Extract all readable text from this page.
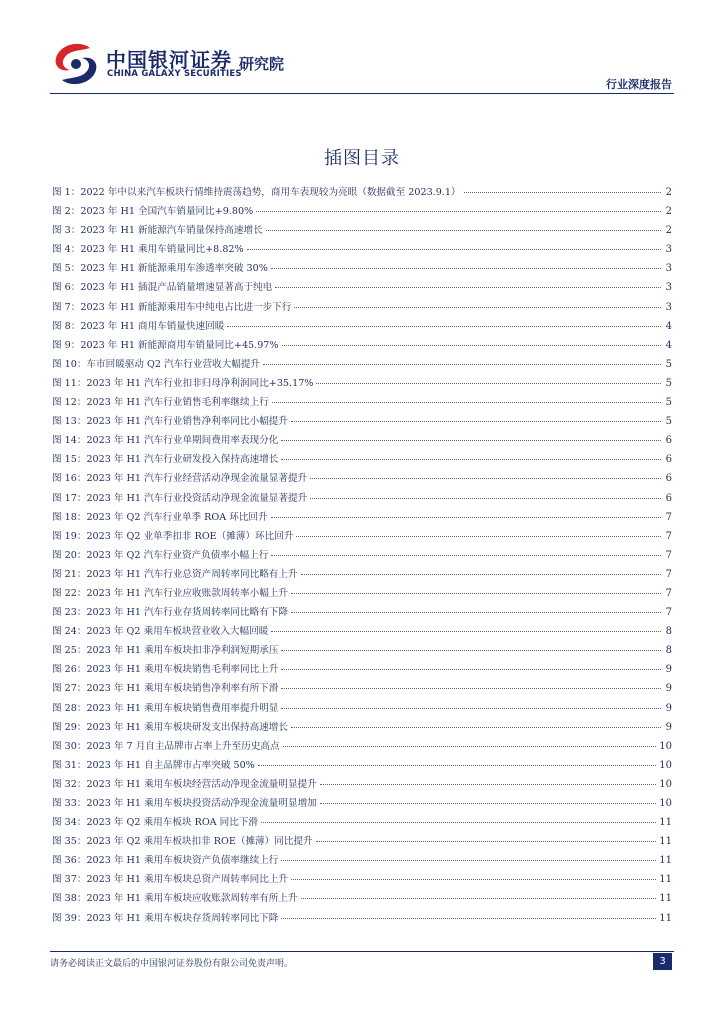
中国银河证券
CHINA GALAXY SECURITIES
研究院
行业深度报告
插图目录
图 1：2022 年中以来汽车板块行情维持震荡趋势，商用车表现较为亮眼（数据截至 2023.9.1）	2
图 2：2023 年 H1 全国汽车销量同比+9.80%	2
图 3：2023 年 H1 新能源汽车销量保持高速增长	2
图 4：2023 年 H1 乘用车销量同比+8.82%	3
图 5：2023 年 H1 新能源乘用车渗透率突破 30%	3
图 6：2023 年 H1 插混产品销量增速显著高于纯电	3
图 7：2023 年 H1 新能源乘用车中纯电占比进一步下行	3
图 8：2023 年 H1 商用车销量快速回暖	4
图 9：2023 年 H1 新能源商用车销量同比+45.97%	4
图 10：车市回暖驱动 Q2 汽车行业营收大幅提升	5
图 11：2023 年 H1 汽车行业扣非归母净利润同比+35.17%	5
图 12：2023 年 H1 汽车行业销售毛利率继续上行	5
图 13：2023 年 H1 汽车行业销售净利率同比小幅提升	5
图 14：2023 年 H1 汽车行业单期间费用率表现分化	6
图 15：2023 年 H1 汽车行业研发投入保持高速增长	6
图 16：2023 年 H1 汽车行业经营活动净现金流量显著提升	6
图 17：2023 年 H1 汽车行业投资活动净现金流量显著提升	6
图 18：2023 年 Q2 汽车行业单季 ROA 环比回升	7
图 19：2023 年 Q2 业单季扣非 ROE（摊薄）环比回升	7
图 20：2023 年 Q2 汽车行业资产负债率小幅上行	7
图 21：2023 年 H1 汽车行业总资产周转率同比略有上升	7
图 22：2023 年 H1 汽车行业应收账款周转率小幅上升	7
图 23：2023 年 H1 汽车行业存货周转率同比略有下降	7
图 24：2023 年 Q2 乘用车板块营业收入大幅回暖	8
图 25：2023 年 H1 乘用车板块扣非净利润短期承压	8
图 26：2023 年 H1 乘用车板块销售毛利率同比上升	9
图 27：2023 年 H1 乘用车板块销售净利率有所下滑	9
图 28：2023 年 H1 乘用车板块销售费用率提升明显	9
图 29：2023 年 H1 乘用车板块研发支出保持高速增长	9
图 30：2023 年 7 月自主品牌市占率上升至历史高点	10
图 31：2023 年 H1 自主品牌市占率突破 50%	10
图 32：2023 年 H1 乘用车板块经营活动净现金流量明显提升	10
图 33：2023 年 H1 乘用车板块投资活动净现金流量明显增加	10
图 34：2023 年 Q2 乘用车板块 ROA 同比下滑	11
图 35：2023 年 Q2 乘用车板块扣非 ROE（摊薄）同比提升	11
图 36：2023 年 H1 乘用车板块资产负债率继续上行	11
图 37：2023 年 H1 乘用车板块总资产周转率同比上升	11
图 38：2023 年 H1 乘用车板块应收账款周转率有所上升	11
图 39：2023 年 H1 乘用车板块存货周转率同比下降	11
请务必阅读正文最后的中国银河证券股份有限公司免责声明。	3
